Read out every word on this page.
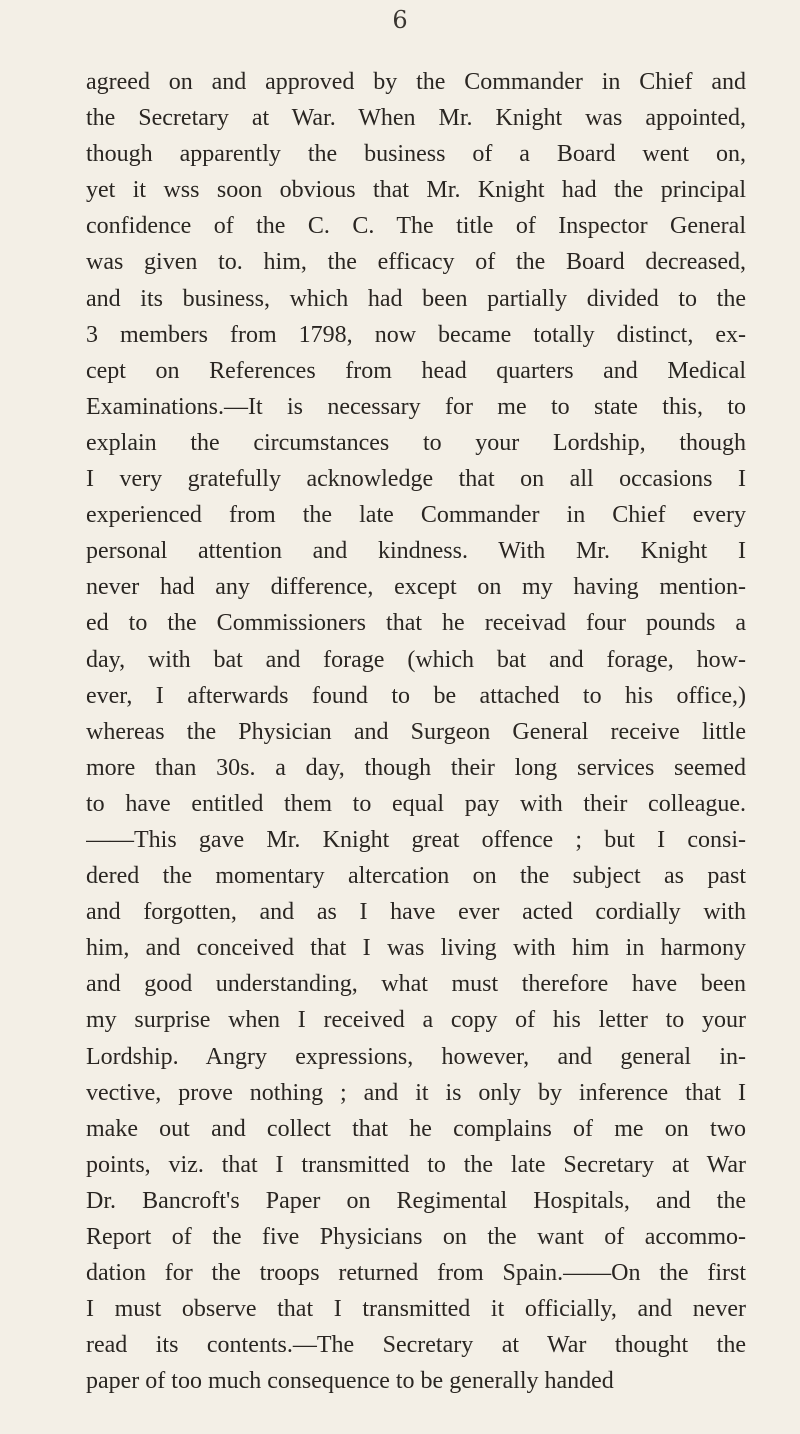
6
agreed on and approved by the Commander in Chief and
the Secretary at War. When Mr. Knight was appointed,
though apparently the business of a Board went on,
yet it wss soon obvious that Mr. Knight had the principal
confidence of the C. C. The title of Inspector General
was given to. him, the efficacy of the Board decreased,
and its business, which had been partially divided to the
3 members from 1798, now became totally distinct, ex-
cept on References from head quarters and Medical
Examinations.—It is necessary for me to state this, to
explain the circumstances to your Lordship, though
I very gratefully acknowledge that on all occasions I
experienced from the late Commander in Chief every
personal attention and kindness. With Mr. Knight I
never had any difference, except on my having mention-
ed to the Commissioners that he receivad four pounds a
day, with bat and forage (which bat and forage, how-
ever, I afterwards found to be attached to his office,)
whereas the Physician and Surgeon General receive little
more than 30s. a day, though their long services seemed
to have entitled them to equal pay with their colleague.
——This gave Mr. Knight great offence ; but I consi-
dered the momentary altercation on the subject as past
and forgotten, and as I have ever acted cordially with
him, and conceived that I was living with him in harmony
and good understanding, what must therefore have been
my surprise when I received a copy of his letter to your
Lordship. Angry expressions, however, and general in-
vective, prove nothing ; and it is only by inference that I
make out and collect that he complains of me on two
points, viz. that I transmitted to the late Secretary at War
Dr. Bancroft's Paper on Regimental Hospitals, and the
Report of the five Physicians on the want of accommo-
dation for the troops returned from Spain.——On the first
I must observe that I transmitted it officially, and never
read its contents.—The Secretary at War thought the
paper of too much consequence to be generally handed
